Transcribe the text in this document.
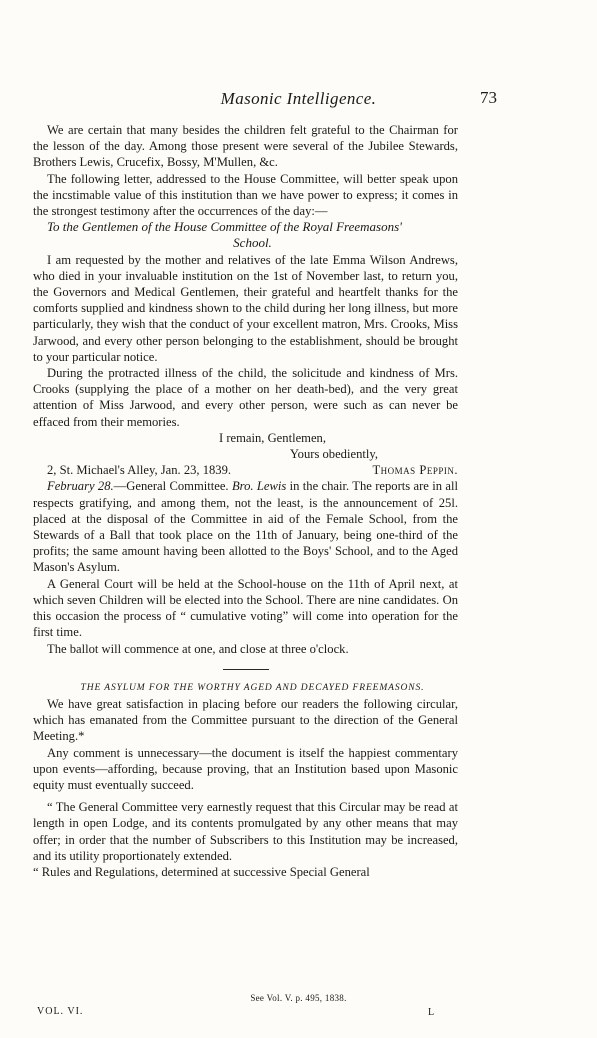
Masonic Intelligence.	73

We are certain that many besides the children felt grateful to the Chairman for the lesson of the day. Among those present were several of the Jubilee Stewards, Brothers Lewis, Crucefix, Bossy, M'Mullen, &c.

The following letter, addressed to the House Committee, will better speak upon the incstimable value of this institution than we have power to express; it comes in the strongest testimony after the occurrences of the day:—

To the Gentlemen of the House Committee of the Royal Freemasons'

School.

I am requested by the mother and relatives of the late Emma Wilson Andrews, who died in your invaluable institution on the 1st of November last, to return you, the Governors and Medical Gentlemen, their grateful and heartfelt thanks for the comforts supplied and kindness shown to the child during her long illness, but more particularly, they wish that the conduct of your excellent matron, Mrs. Crooks, Miss Jarwood, and every other person belonging to the establishment, should be brought to your particular notice.

During the protracted illness of the child, the solicitude and kindness of Mrs. Crooks (supplying the place of a mother on her death-bed), and the very great attention of Miss Jarwood, and every other person, were such as can never be effaced from their memories.

I remain, Gentlemen,

Yours obediently,

2, St. Michael's Alley, Jan. 23, 1839.	Thomas Peppin.

February 28.—General Committee. Bro. Lewis in the chair. The reports are in all respects gratifying, and among them, not the least, is the announcement of 25l. placed at the disposal of the Committee in aid of the Female School, from the Stewards of a Ball that took place on the 11th of January, being one-third of the profits; the same amount having been allotted to the Boys' School, and to the Aged Mason's Asylum.

A General Court will be held at the School-house on the 11th of April next, at which seven Children will be elected into the School. There are nine candidates. On this occasion the process of “ cumulative voting” will come into operation for the first time.

The ballot will commence at one, and close at three o'clock.

THE ASYLUM FOR THE WORTHY AGED AND DECAYED FREEMASONS.

We have great satisfaction in placing before our readers the following circular, which has emanated from the Committee pursuant to the direction of the General Meeting.*

Any comment is unnecessary—the document is itself the happiest commentary upon events—affording, because proving, that an Institution based upon Masonic equity must eventually succeed.

“ The General Committee very earnestly request that this Circular may be read at length in open Lodge, and its contents promulgated by any other means that may offer; in order that the number of Subscribers to this Institution may be increased, and its utility proportionately extended.

“ Rules and Regulations, determined at successive Special General

See Vol. V. p. 495, 1838.
VOL. VI.	L
